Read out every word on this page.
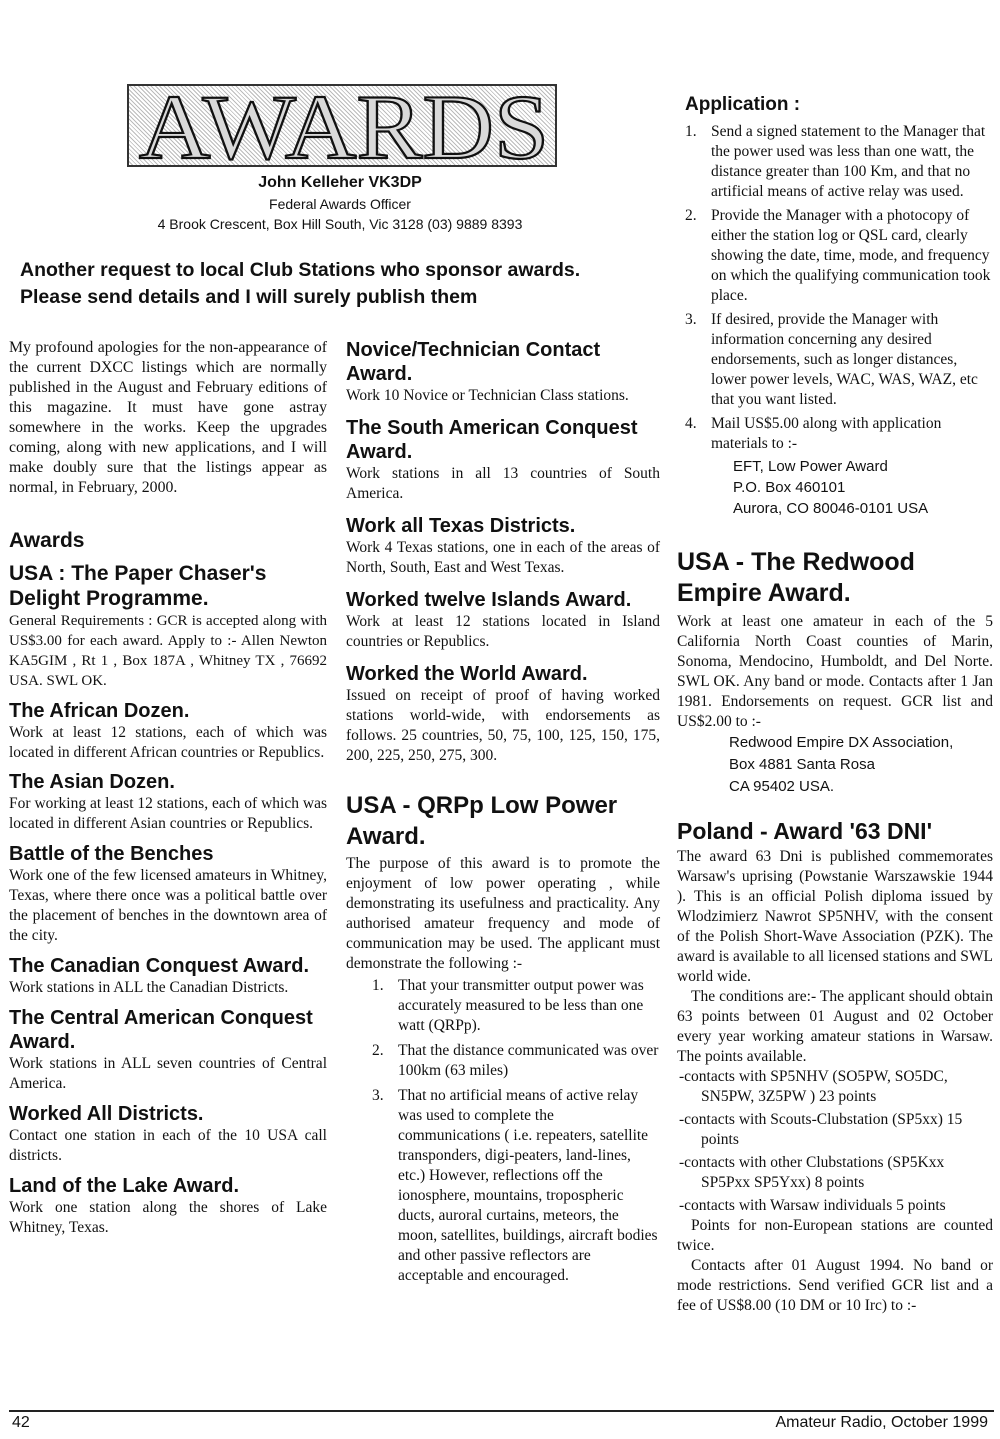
AWARDS
John Kelleher VK3DP
Federal Awards Officer
4 Brook Crescent, Box Hill South, Vic 3128 (03) 9889 8393
Another request to local Club Stations who sponsor awards.
Please send details and I will surely publish them

My profound apologies for the non-appearance of the current DXCC listings which are normally published in the August and February editions of this magazine. It must have gone astray somewhere in the works. Keep the upgrades coming, along with new applications, and I will make doubly sure that the listings appear as normal, in February, 2000.

Awards
USA : The Paper Chaser's Delight Programme.

General Requirements : GCR is accepted along with US$3.00 for each award. Apply to :- Allen Newton KA5GIM , Rt 1 , Box 187A , Whitney TX , 76692 USA. SWL OK.

The African Dozen.

Work at least 12 stations, each of which was located in different African countries or Republics.

The Asian Dozen.

For working at least 12 stations, each of which was located in different Asian countries or Republics.

Battle of the Benches

Work one of the few licensed amateurs in Whitney, Texas, where there once was a political battle over the placement of benches in the downtown area of the city.

The Canadian Conquest Award.

Work stations in ALL the Canadian Districts.

The Central American Conquest Award.

Work stations in ALL seven countries of Central America.

Worked All Districts.

Contact one station in each of the 10 USA call districts.

Land of the Lake Award.

Work one station along the shores of Lake Whitney, Texas.

Novice/Technician Contact Award.

Work 10 Novice or Technician Class stations.

The South American Conquest Award.

Work stations in all 13 countries of South America.

Work all Texas Districts.

Work 4 Texas stations, one in each of the areas of North, South, East and West Texas.

Worked twelve Islands Award.

Work at least 12 stations located in Island countries or Republics.

Worked the World Award.

Issued on receipt of proof of having worked stations world-wide, with endorsements as follows. 25 countries, 50, 75, 100, 125, 150, 175, 200, 225, 250, 275, 300.

USA - QRPp Low Power Award.

The purpose of this award is to promote the enjoyment of low power operating , while demonstrating its usefulness and practicality. Any authorised amateur frequency and mode of communication may be used. The applicant must demonstrate the following :-

1. That your transmitter output power was accurately measured to be less than one watt (QRPp).
2. That the distance communicated was over 100km (63 miles)
3. That no artificial means of active relay was used to complete the communications ( i.e. repeaters, satellite transponders, digi-peaters, land-lines, etc.) However, reflections off the ionosphere, mountains, tropospheric ducts, auroral curtains, meteors, the moon, satellites, buildings, aircraft bodies and other passive reflectors are acceptable and encouraged.
Application :
1. Send a signed statement to the Manager that the power used was less than one watt, the distance greater than 100 Km, and that no artificial means of active relay was used.
2. Provide the Manager with a photocopy of either the station log or QSL card, clearly showing the date, time, mode, and frequency on which the qualifying communication took place.
3. If desired, provide the Manager with information concerning any desired endorsements, such as longer distances, lower power levels, WAC, WAS, WAZ, etc that you want listed.
4. Mail US$5.00 along with application materials to :-
EFT, Low Power Award
P.O. Box 460101
Aurora, CO 80046-0101 USA
USA - The Redwood Empire Award.

Work at least one amateur in each of the 5 California North Coast counties of Marin, Sonoma, Mendocino, Humboldt, and Del Norte. SWL OK. Any band or mode. Contacts after 1 Jan 1981. Endorsements on request. GCR list and US$2.00 to :-

Redwood Empire DX Association,
Box 4881 Santa Rosa
CA 95402 USA.
Poland - Award '63 DNI'

The award 63 Dni is published commemorates Warsaw's uprising (Powstanie Warszawskie 1944 ). This is an official Polish diploma issued by Wlodzimierz Nawrot SP5NHV, with the consent of the Polish Short-Wave Association (PZK). The award is available to all licensed stations and SWL world wide.

The conditions are:- The applicant should obtain 63 points between 01 August and 02 October every year working amateur stations in Warsaw. The points available.

-contacts with SP5NHV (SO5PW, SO5DC, SN5PW, 3Z5PW ) 23 points
-contacts with Scouts-Clubstation (SP5xx) 15 points
-contacts with other Clubstations (SP5Kxx SP5Pxx SP5Yxx) 8 points
-contacts with Warsaw individuals 5 points

Points for non-European stations are counted twice.

Contacts after 01 August 1994. No band or mode restrictions. Send verified GCR list and a fee of US$8.00 (10 DM or 10 Irc) to :-

42	Amateur Radio, October 1999
